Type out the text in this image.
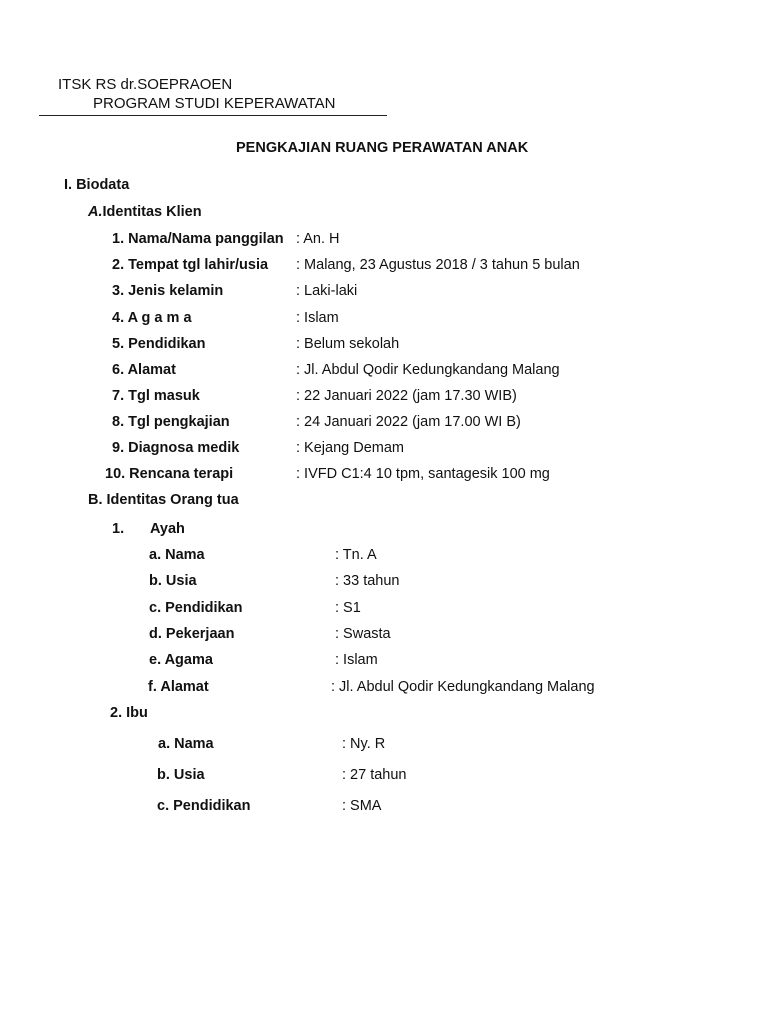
ITSK RS dr.SOEPRAOEN
PROGRAM STUDI KEPERAWATAN
PENGKAJIAN RUANG PERAWATAN ANAK
I. Biodata
A.Identitas Klien
1. Nama/Nama panggilan : An. H
2. Tempat tgl lahir/usia : Malang, 23 Agustus 2018 / 3 tahun 5 bulan
3. Jenis kelamin	: Laki-laki
4. A g a m a	: Islam
5. Pendidikan	: Belum sekolah
6. Alamat	: Jl. Abdul Qodir Kedungkandang Malang
7. Tgl masuk	: 22 Januari 2022 (jam 17.30 WIB)
8. Tgl pengkajian	: 24 Januari 2022 (jam 17.00 WI B)
9. Diagnosa medik	: Kejang Demam
10. Rencana terapi	: IVFD C1:4 10 tpm, santagesik 100 mg
B. Identitas Orang tua
1. Ayah
a. Nama	: Tn. A
b. Usia	: 33 tahun
c. Pendidikan	: S1
d. Pekerjaan	: Swasta
e. Agama	: Islam
f. Alamat	: Jl. Abdul Qodir Kedungkandang Malang
2. Ibu
a. Nama	: Ny. R
b. Usia	: 27 tahun
c. Pendidikan	: SMA
